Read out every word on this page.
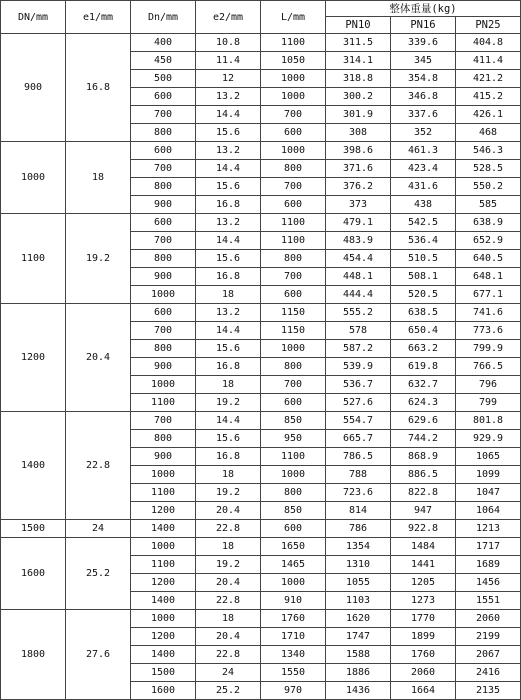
DN/mm	e1/mm	Dn/mm	e2/mm	L/mm	整体重量(kg)		
					PN10	PN16	PN25
900	16.8	400	10.8	1100	311.5	339.6	404.8
		450	11.4	1050	314.1	345	411.4
		500	12	1000	318.8	354.8	421.2
		600	13.2	1000	300.2	346.8	415.2
		700	14.4	700	301.9	337.6	426.1
		800	15.6	600	308	352	468
1000	18	600	13.2	1000	398.6	461.3	546.3
		700	14.4	800	371.6	423.4	528.5
		800	15.6	700	376.2	431.6	550.2
		900	16.8	600	373	438	585
1100	19.2	600	13.2	1100	479.1	542.5	638.9
		700	14.4	1100	483.9	536.4	652.9
		800	15.6	800	454.4	510.5	640.5
		900	16.8	700	448.1	508.1	648.1
		1000	18	600	444.4	520.5	677.1
1200	20.4	600	13.2	1150	555.2	638.5	741.6
		700	14.4	1150	578	650.4	773.6
		800	15.6	1000	587.2	663.2	799.9
		900	16.8	800	539.9	619.8	766.5
		1000	18	700	536.7	632.7	796
		1100	19.2	600	527.6	624.3	799
1400	22.8	700	14.4	850	554.7	629.6	801.8
		800	15.6	950	665.7	744.2	929.9
		900	16.8	1100	786.5	868.9	1065
		1000	18	1000	788	886.5	1099
		1100	19.2	800	723.6	822.8	1047
		1200	20.4	850	814	947	1064
1500	24	1400	22.8	600	786	922.8	1213
1600	25.2	1000	18	1650	1354	1484	1717
		1100	19.2	1465	1310	1441	1689
		1200	20.4	1000	1055	1205	1456
		1400	22.8	910	1103	1273	1551
1800	27.6	1000	18	1760	1620	1770	2060
		1200	20.4	1710	1747	1899	2199
		1400	22.8	1340	1588	1760	2067
		1500	24	1550	1886	2060	2416
		1600	25.2	970	1436	1664	2135
